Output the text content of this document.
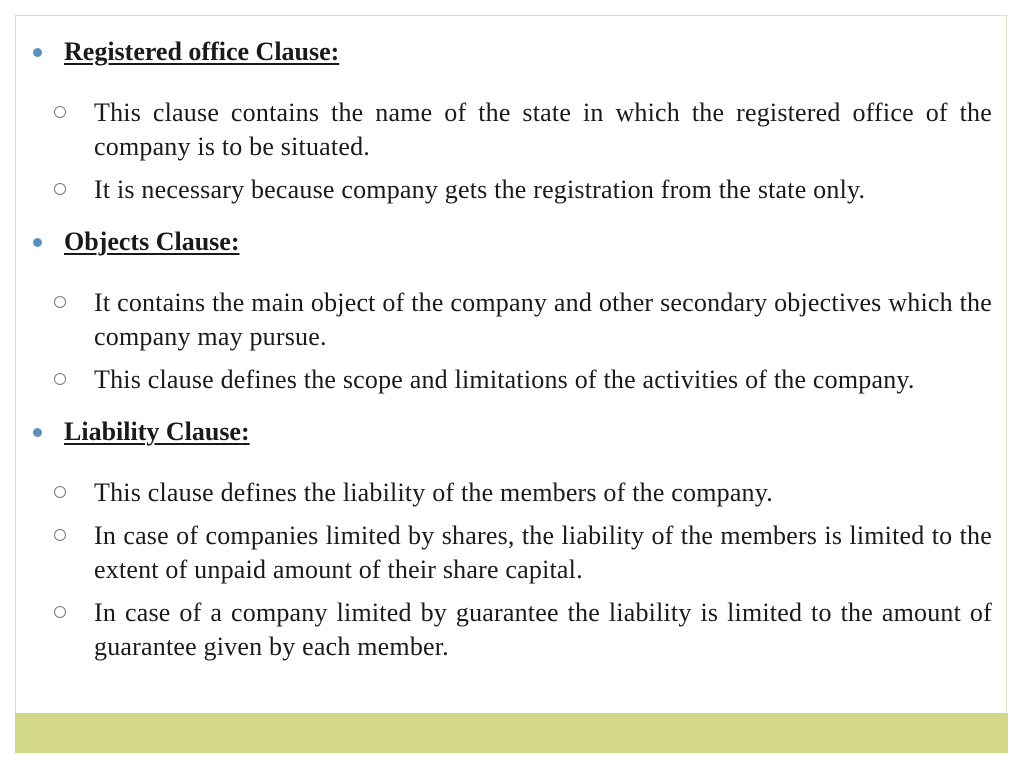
Registered office Clause:
This clause contains the name of the state in which the registered office of the company is to be situated.
It is necessary because company gets the registration from the state only.
Objects Clause:
It contains the main object of the company and other secondary objectives which the company may pursue.
This clause defines the scope and limitations of the activities of the company.
Liability Clause:
This clause defines the liability of the members of the company.
In case of companies limited by shares, the liability of the members is limited to the extent of unpaid amount of their share capital.
In case of a company limited by guarantee the liability is limited to the amount of guarantee given by each member.
